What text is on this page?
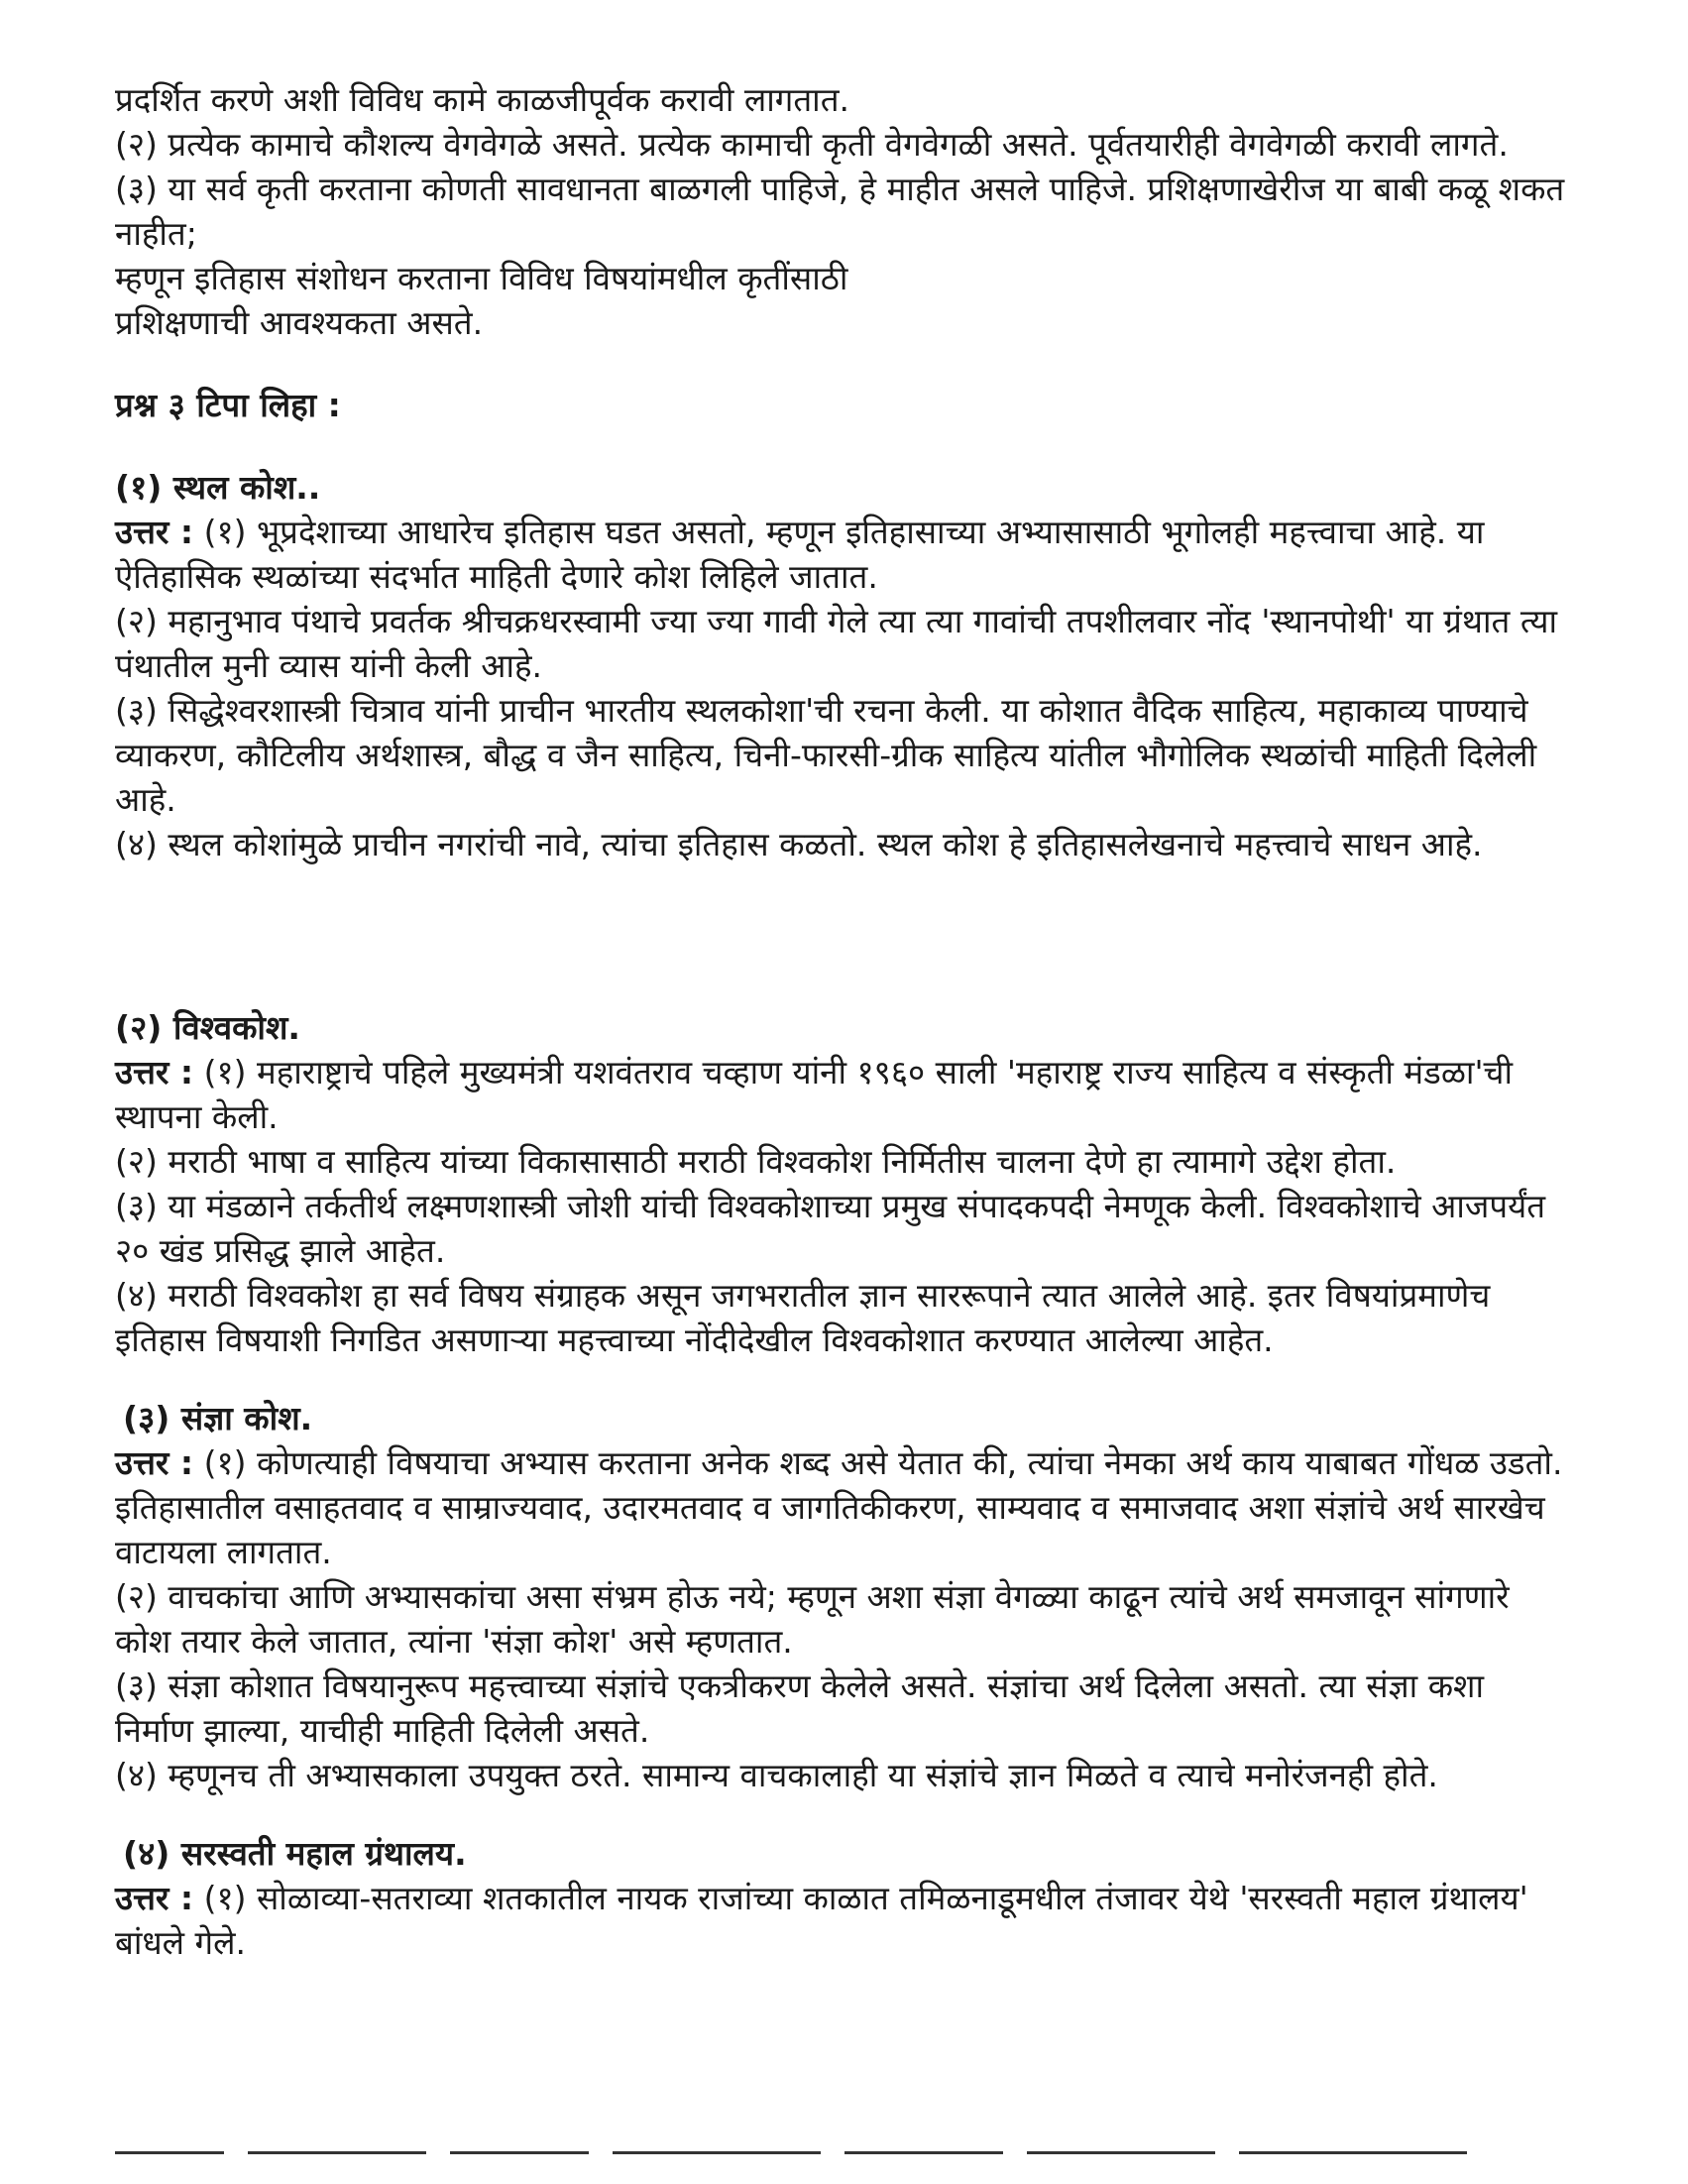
प्रदर्शित करणे अशी विविध कामे काळजीपूर्वक करावी लागतात.
(२) प्रत्येक कामाचे कौशल्य वेगवेगळे असते. प्रत्येक कामाची कृती वेगवेगळी असते. पूर्वतयारीही वेगवेगळी करावी लागते.
(३) या सर्व कृती करताना कोणती सावधानता बाळगली पाहिजे, हे माहीत असले पाहिजे. प्रशिक्षणाखेरीज या बाबी कळू शकत नाहीत;
म्हणून इतिहास संशोधन करताना विविध विषयांमधील कृतींसाठी
प्रशिक्षणाची आवश्यकता असते.
प्रश्न ३ टिपा लिहा :
(१) स्थल कोश..
उत्तर : (१) भूप्रदेशाच्या आधारेच इतिहास घडत असतो, म्हणून इतिहासाच्या अभ्यासासाठी भूगोलही महत्त्वाचा आहे. या ऐतिहासिक स्थळांच्या संदर्भात माहिती देणारे कोश लिहिले जातात.
(२) महानुभाव पंथाचे प्रवर्तक श्रीचक्रधरस्वामी ज्या ज्या गावी गेले त्या त्या गावांची तपशीलवार नोंद 'स्थानपोथी' या ग्रंथात त्या पंथातील मुनी व्यास यांनी केली आहे.
(३) सिद्धेश्वरशास्त्री चित्राव यांनी प्राचीन भारतीय स्थलकोशा'ची रचना केली. या कोशात वैदिक साहित्य, महाकाव्य पाण्याचे व्याकरण, कौटिलीय अर्थशास्त्र, बौद्ध व जैन साहित्य, चिनी-फारसी-ग्रीक साहित्य यांतील भौगोलिक स्थळांची माहिती दिलेली आहे.
(४) स्थल कोशांमुळे प्राचीन नगरांची नावे, त्यांचा इतिहास कळतो. स्थल कोश हे इतिहासलेखनाचे महत्त्वाचे साधन आहे.
(२) विश्वकोश.
उत्तर : (१) महाराष्ट्राचे पहिले मुख्यमंत्री यशवंतराव चव्हाण यांनी १९६० साली 'महाराष्ट्र राज्य साहित्य व संस्कृती मंडळा'ची स्थापना केली.
(२) मराठी भाषा व साहित्य यांच्या विकासासाठी मराठी विश्वकोश निर्मितीस चालना देणे हा त्यामागे उद्देश होता.
(३) या मंडळाने तर्कतीर्थ लक्ष्मणशास्त्री जोशी यांची विश्वकोशाच्या प्रमुख संपादकपदी नेमणूक केली. विश्वकोशाचे आजपर्यंत २० खंड प्रसिद्ध झाले आहेत.
(४) मराठी विश्वकोश हा सर्व विषय संग्राहक असून जगभरातील ज्ञान साररूपाने त्यात आलेले आहे. इतर विषयांप्रमाणेच इतिहास विषयाशी निगडित असणाऱ्या महत्त्वाच्या नोंदीदेखील विश्वकोशात करण्यात आलेल्या आहेत.
(३) संज्ञा कोश.
उत्तर : (१) कोणत्याही विषयाचा अभ्यास करताना अनेक शब्द असे येतात की, त्यांचा नेमका अर्थ काय याबाबत गोंधळ उडतो. इतिहासातील वसाहतवाद व साम्राज्यवाद, उदारमतवाद व जागतिकीकरण, साम्यवाद व समाजवाद अशा संज्ञांचे अर्थ सारखेच वाटायला लागतात.
(२) वाचकांचा आणि अभ्यासकांचा असा संभ्रम होऊ नये; म्हणून अशा संज्ञा वेगळ्या काढून त्यांचे अर्थ समजावून सांगणारे कोश तयार केले जातात, त्यांना 'संज्ञा कोश' असे म्हणतात.
(३) संज्ञा कोशात विषयानुरूप महत्त्वाच्या संज्ञांचे एकत्रीकरण केलेले असते. संज्ञांचा अर्थ दिलेला असतो. त्या संज्ञा कशा निर्माण झाल्या, याचीही माहिती दिलेली असते.
(४) म्हणूनच ती अभ्यासकाला उपयुक्त ठरते. सामान्य वाचकालाही या संज्ञांचे ज्ञान मिळते व त्याचे मनोरंजनही होते.
(४) सरस्वती महाल ग्रंथालय.
उत्तर : (१) सोळाव्या-सतराव्या शतकातील नायक राजांच्या काळात तमिळनाडूमधील तंजावर येथे 'सरस्वती महाल ग्रंथालय' बांधले गेले.
